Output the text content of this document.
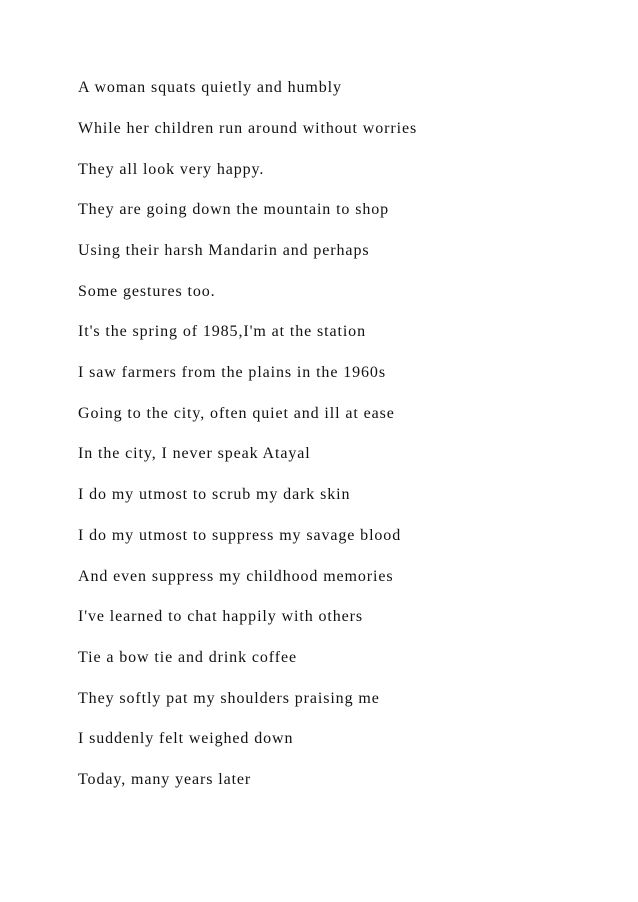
A woman squats quietly and humbly

While her children run around without worries

They all look very happy.

They are going down the mountain to shop

Using their harsh Mandarin and perhaps

Some gestures too.

It's the spring of 1985,I'm at the station

I saw farmers from the plains in the 1960s

Going to the city, often quiet and ill at ease

In the city, I never speak Atayal

I do my utmost to scrub my dark skin

I do my utmost to suppress my savage blood

And even suppress my childhood memories

I've learned to chat happily with others

Tie a bow tie and drink coffee

They softly pat my shoulders praising me

I suddenly felt weighed down

Today, many years later
